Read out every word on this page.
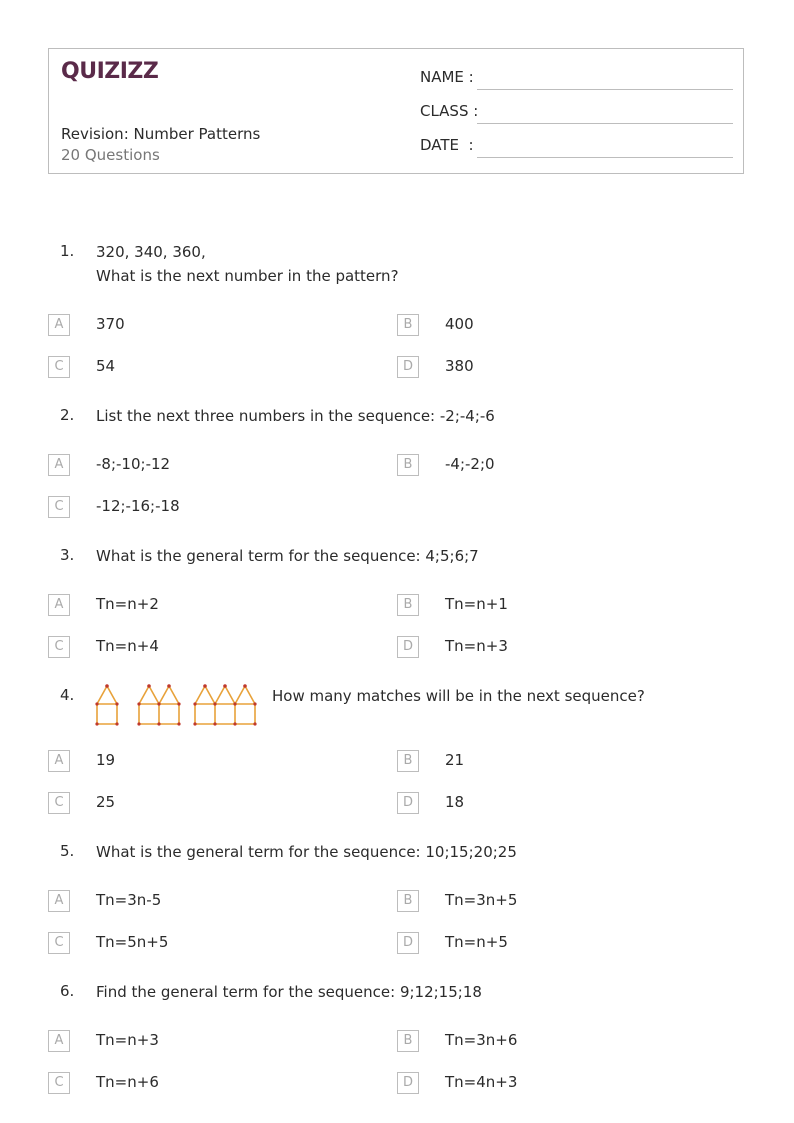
QUIZIZZ
Revision: Number Patterns
20 Questions
NAME :
CLASS :
DATE  :
1. 320, 340, 360,
What is the next number in the pattern?
A	370	B	400
C	54	D	380
2. List the next three numbers in the sequence: -2;-4;-6
A	-8;-10;-12	B	-4;-2;0
C	-12;-16;-18
3. What is the general term for the sequence: 4;5;6;7
A	Tn=n+2	B	Tn=n+1
C	Tn=n+4	D	Tn=n+3
4.	How many matches will be in the next sequence?
A	19	B	21
C	25	D	18
5. What is the general term for the sequence: 10;15;20;25
A	Tn=3n-5	B	Tn=3n+5
C	Tn=5n+5	D	Tn=n+5
6. Find the general term for the sequence: 9;12;15;18
A	Tn=n+3	B	Tn=3n+6
C	Tn=n+6	D	Tn=4n+3
